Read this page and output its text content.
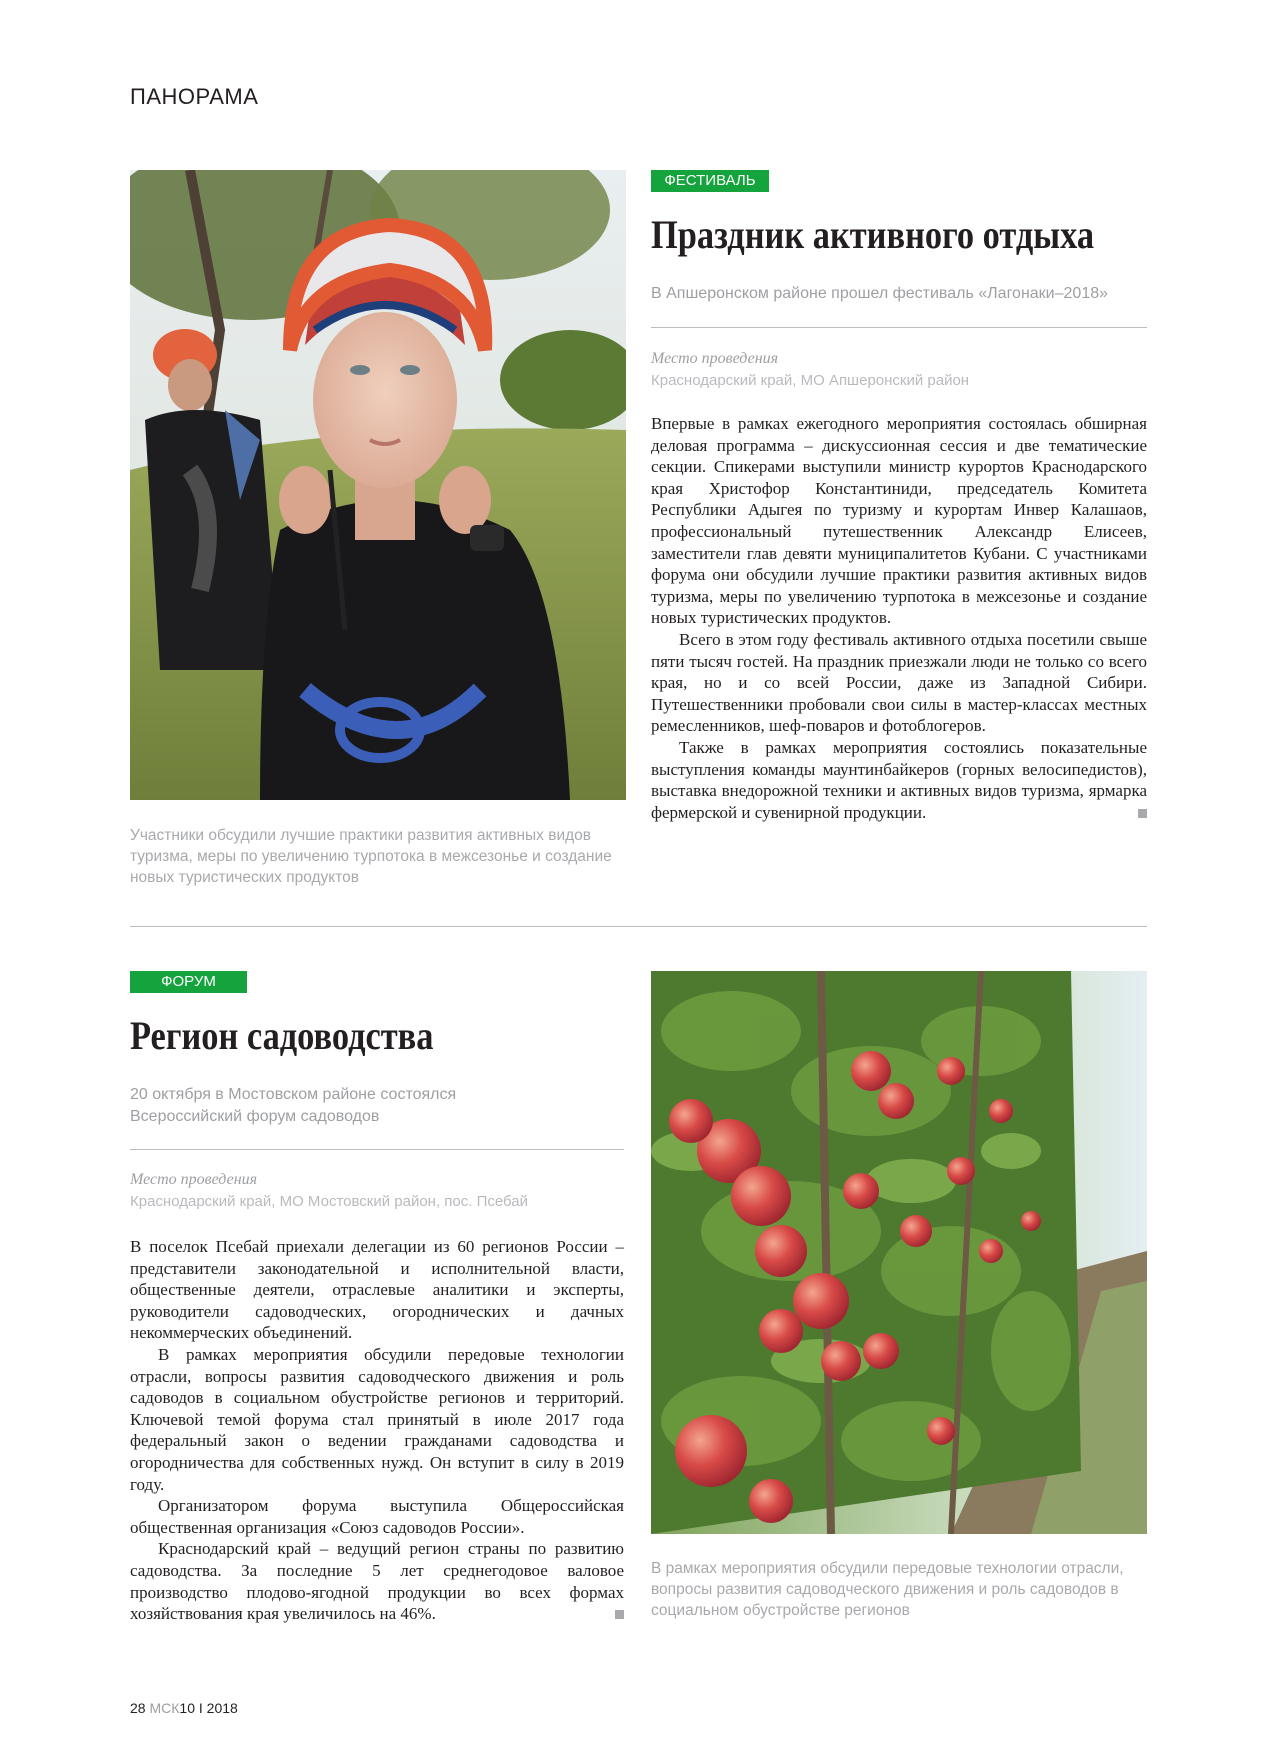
ПАНОРАМА
ФЕСТИВАЛЬ
Праздник активного отдыха
В Апшеронском районе прошел фестиваль «Лагонаки–2018»
Место проведения
Краснодарский край, МО Апшеронский район

Впервые в рамках ежегодного мероприятия состоялась обширная деловая программа – дискуссионная сессия и две тематические секции. Спикерами выступили министр курортов Краснодарского края Христофор Константиниди, председатель Комитета Республики Адыгея по туризму и курортам Инвер Калашаов, профессиональный путешественник Александр Елисеев, заместители глав девяти муниципалитетов Кубани. С участниками форума они обсудили лучшие практики развития активных видов туризма, меры по увеличению турпотока в межсезонье и создание новых туристических продуктов.

Всего в этом году фестиваль активного отдыха посетили свыше пяти тысяч гостей. На праздник приезжали люди не только со всего края, но и со всей России, даже из Западной Сибири. Путешественники пробовали свои силы в мастер-классах местных ремесленников, шеф-поваров и фотоблогеров.

Также в рамках мероприятия состоялись показательные выступления команды маунтинбайкеров (горных велосипедистов), выставка внедорожной техники и активных видов туризма, ярмарка фермерской и сувенирной продукции.

Участники обсудили лучшие практики развития активных видов туризма, меры по увеличению турпотока в межсезонье и создание новых туристических продуктов
ФОРУМ
Регион садоводства
20 октября в Мостовском районе состоялся Всероссийский форум садоводов
Место проведения
Краснодарский край, МО Мостовский район, пос. Псебай

В поселок Псебай приехали делегации из 60 регионов России – представители законодательной и исполнительной власти, общественные деятели, отраслевые аналитики и эксперты, руководители садоводческих, огороднических и дачных некоммерческих объединений.

В рамках мероприятия обсудили передовые технологии отрасли, вопросы развития садоводческого движения и роль садоводов в социальном обустройстве регионов и территорий. Ключевой темой форума стал принятый в июле 2017 года федеральный закон о ведении гражданами садоводства и огородничества для собственных нужд. Он вступит в силу в 2019 году.

Организатором форума выступила Общероссийская общественная организация «Союз садоводов России».

Краснодарский край – ведущий регион страны по развитию садоводства. За последние 5 лет среднегодовое валовое производство плодово-ягодной продукции во всех формах хозяйствования края увеличилось на 46%.

В рамках мероприятия обсудили передовые технологии отрасли, вопросы развития садоводческого движения и роль садоводов в социальном обустройстве регионов
28 МСК10 I 2018
